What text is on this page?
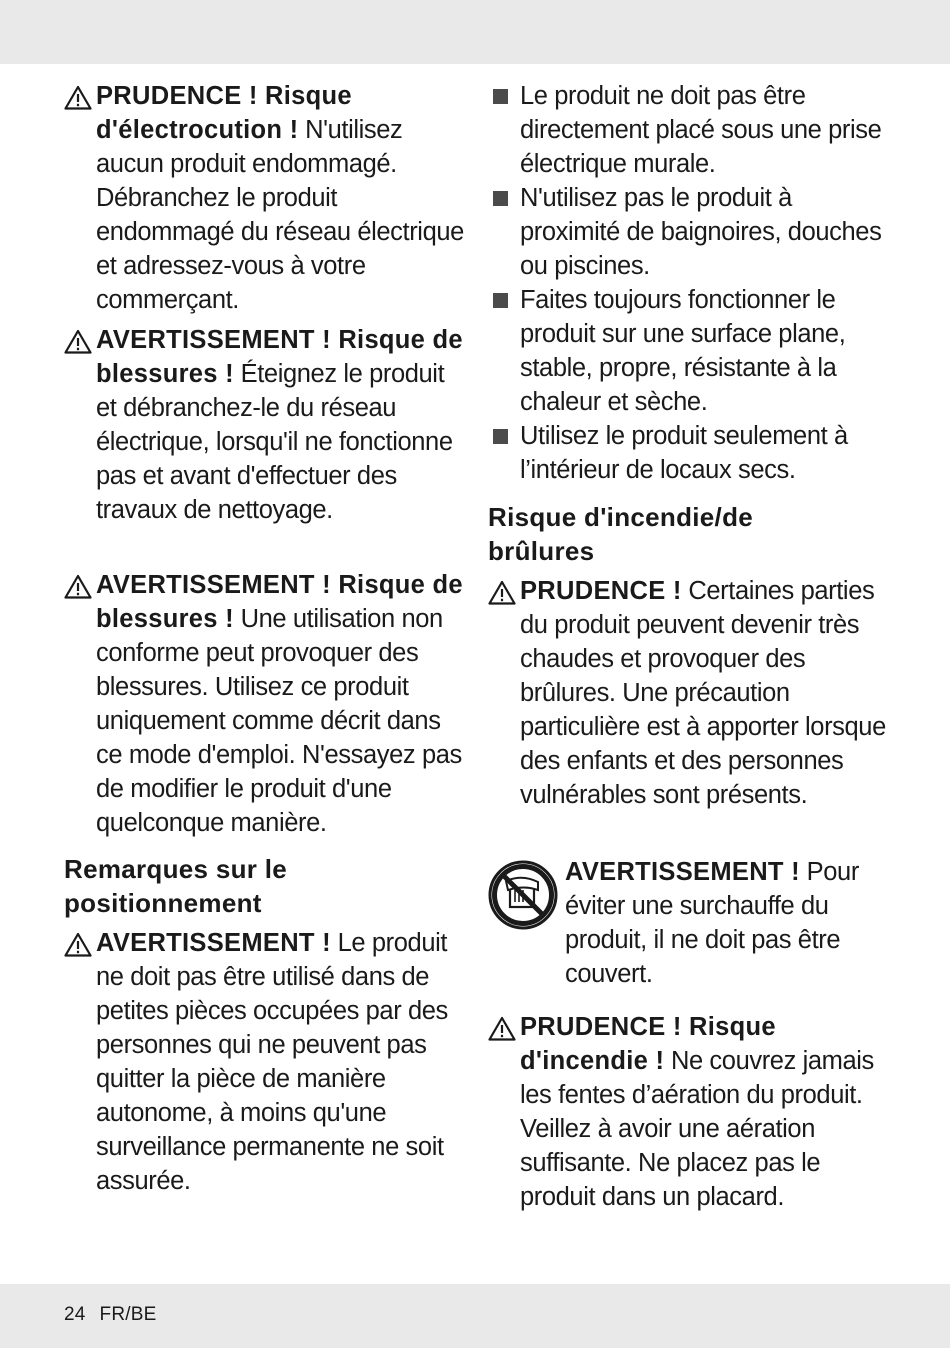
PRUDENCE ! Risque d'électrocution ! N'utilisez aucun produit endommagé. Débranchez le produit endommagé du réseau électrique et adressez-vous à votre commerçant.
AVERTISSEMENT ! Risque de blessures ! Éteignez le produit et débranchez-le du réseau électrique, lorsqu'il ne fonctionne pas et avant d'effectuer des travaux de nettoyage.
AVERTISSEMENT ! Risque de blessures ! Une utilisation non conforme peut provoquer des blessures. Utilisez ce produit uniquement comme décrit dans ce mode d'emploi. N'essayez pas de modifier le produit d'une quelconque manière.
Remarques sur le positionnement
AVERTISSEMENT ! Le produit ne doit pas être utilisé dans de petites pièces occupées par des personnes qui ne peuvent pas quitter la pièce de manière autonome, à moins qu'une surveillance permanente ne soit assurée.
Le produit ne doit pas être directement placé sous une prise électrique murale.
N'utilisez pas le produit à proximité de baignoires, douches ou piscines.
Faites toujours fonctionner le produit sur une surface plane, stable, propre, résistante à la chaleur et sèche.
Utilisez le produit seulement à l’intérieur de locaux secs.
Risque d'incendie/de brûlures
PRUDENCE ! Certaines parties du produit peuvent devenir très chaudes et provoquer des brûlures. Une précaution particulière est à apporter lorsque des enfants et des personnes vulnérables sont présents.
AVERTISSEMENT ! Pour éviter une surchauffe du produit, il ne doit pas être couvert.
PRUDENCE ! Risque d'incendie ! Ne couvrez jamais les fentes d’aération du produit. Veillez à avoir une aération suffisante. Ne placez pas le produit dans un placard.
24 FR/BE
